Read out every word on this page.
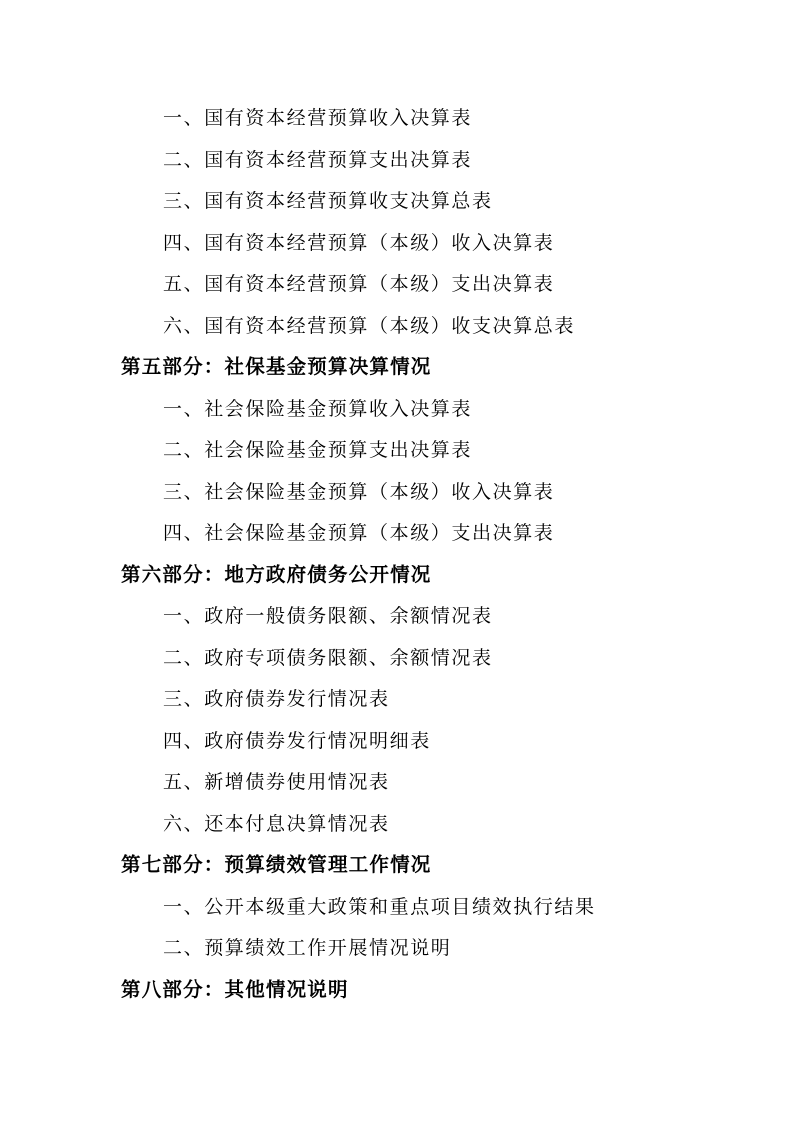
一、国有资本经营预算收入决算表
二、国有资本经营预算支出决算表
三、国有资本经营预算收支决算总表
四、国有资本经营预算（本级）收入决算表
五、国有资本经营预算（本级）支出决算表
六、国有资本经营预算（本级）收支决算总表
第五部分：社保基金预算决算情况
一、社会保险基金预算收入决算表
二、社会保险基金预算支出决算表
三、社会保险基金预算（本级）收入决算表
四、社会保险基金预算（本级）支出决算表
第六部分：地方政府债务公开情况
一、政府一般债务限额、余额情况表
二、政府专项债务限额、余额情况表
三、政府债券发行情况表
四、政府债券发行情况明细表
五、新增债券使用情况表
六、还本付息决算情况表
第七部分：预算绩效管理工作情况
一、公开本级重大政策和重点项目绩效执行结果
二、预算绩效工作开展情况说明
第八部分：其他情况说明
